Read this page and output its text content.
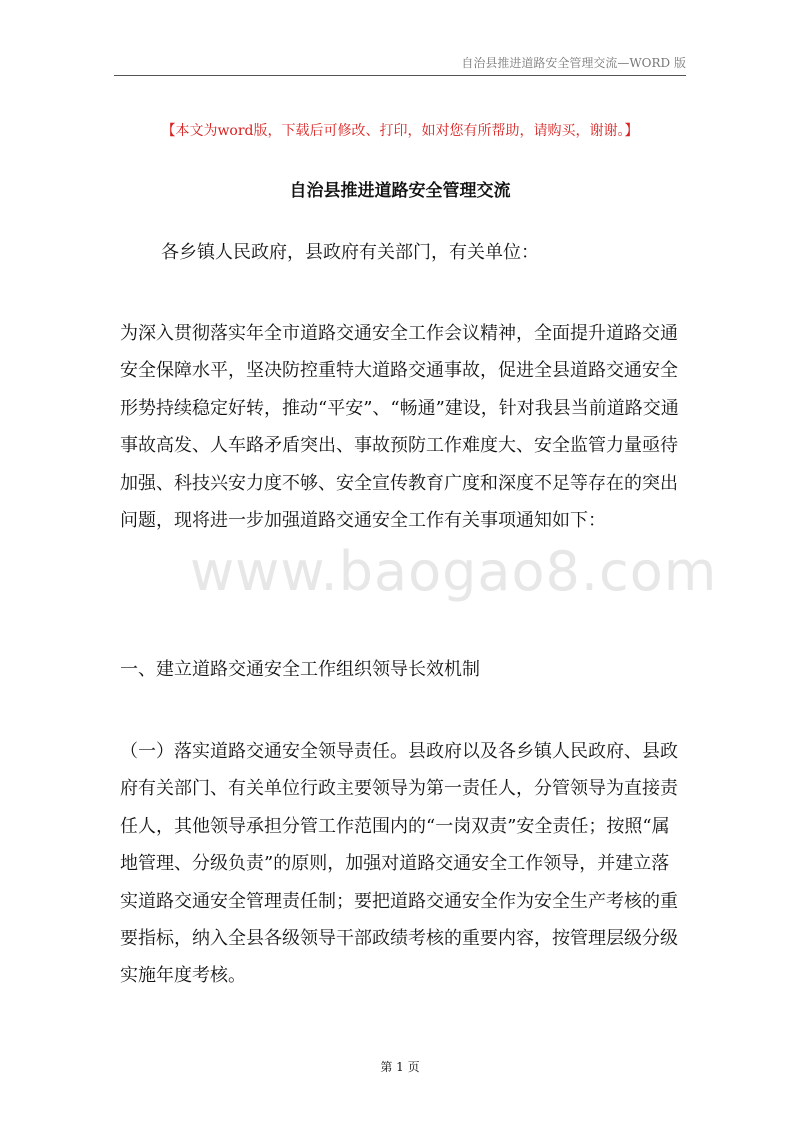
自治县推进道路安全管理交流—WORD 版
www.baogao8.com
【本文为word版，下载后可修改、打印，如对您有所帮助，请购买，谢谢。】
自治县推进道路安全管理交流
各乡镇人民政府，县政府有关部门，有关单位：

为深入贯彻落实年全市道路交通安全工作会议精神，全面提升道路交通安全保障水平，坚决防控重特大道路交通事故，促进全县道路交通安全形势持续稳定好转，推动“平安”、“畅通”建设，针对我县当前道路交通事故高发、人车路矛盾突出、事故预防工作难度大、安全监管力量亟待加强、科技兴安力度不够、安全宣传教育广度和深度不足等存在的突出问题，现将进一步加强道路交通安全工作有关事项通知如下：

一、建立道路交通安全工作组织领导长效机制

（一）落实道路交通安全领导责任。县政府以及各乡镇人民政府、县政府有关部门、有关单位行政主要领导为第一责任人，分管领导为直接责任人，其他领导承担分管工作范围内的“一岗双责”安全责任；按照“属地管理、分级负责”的原则，加强对道路交通安全工作领导，并建立落实道路交通安全管理责任制；要把道路交通安全作为安全生产考核的重要指标，纳入全县各级领导干部政绩考核的重要内容，按管理层级分级实施年度考核。

第 1 页
